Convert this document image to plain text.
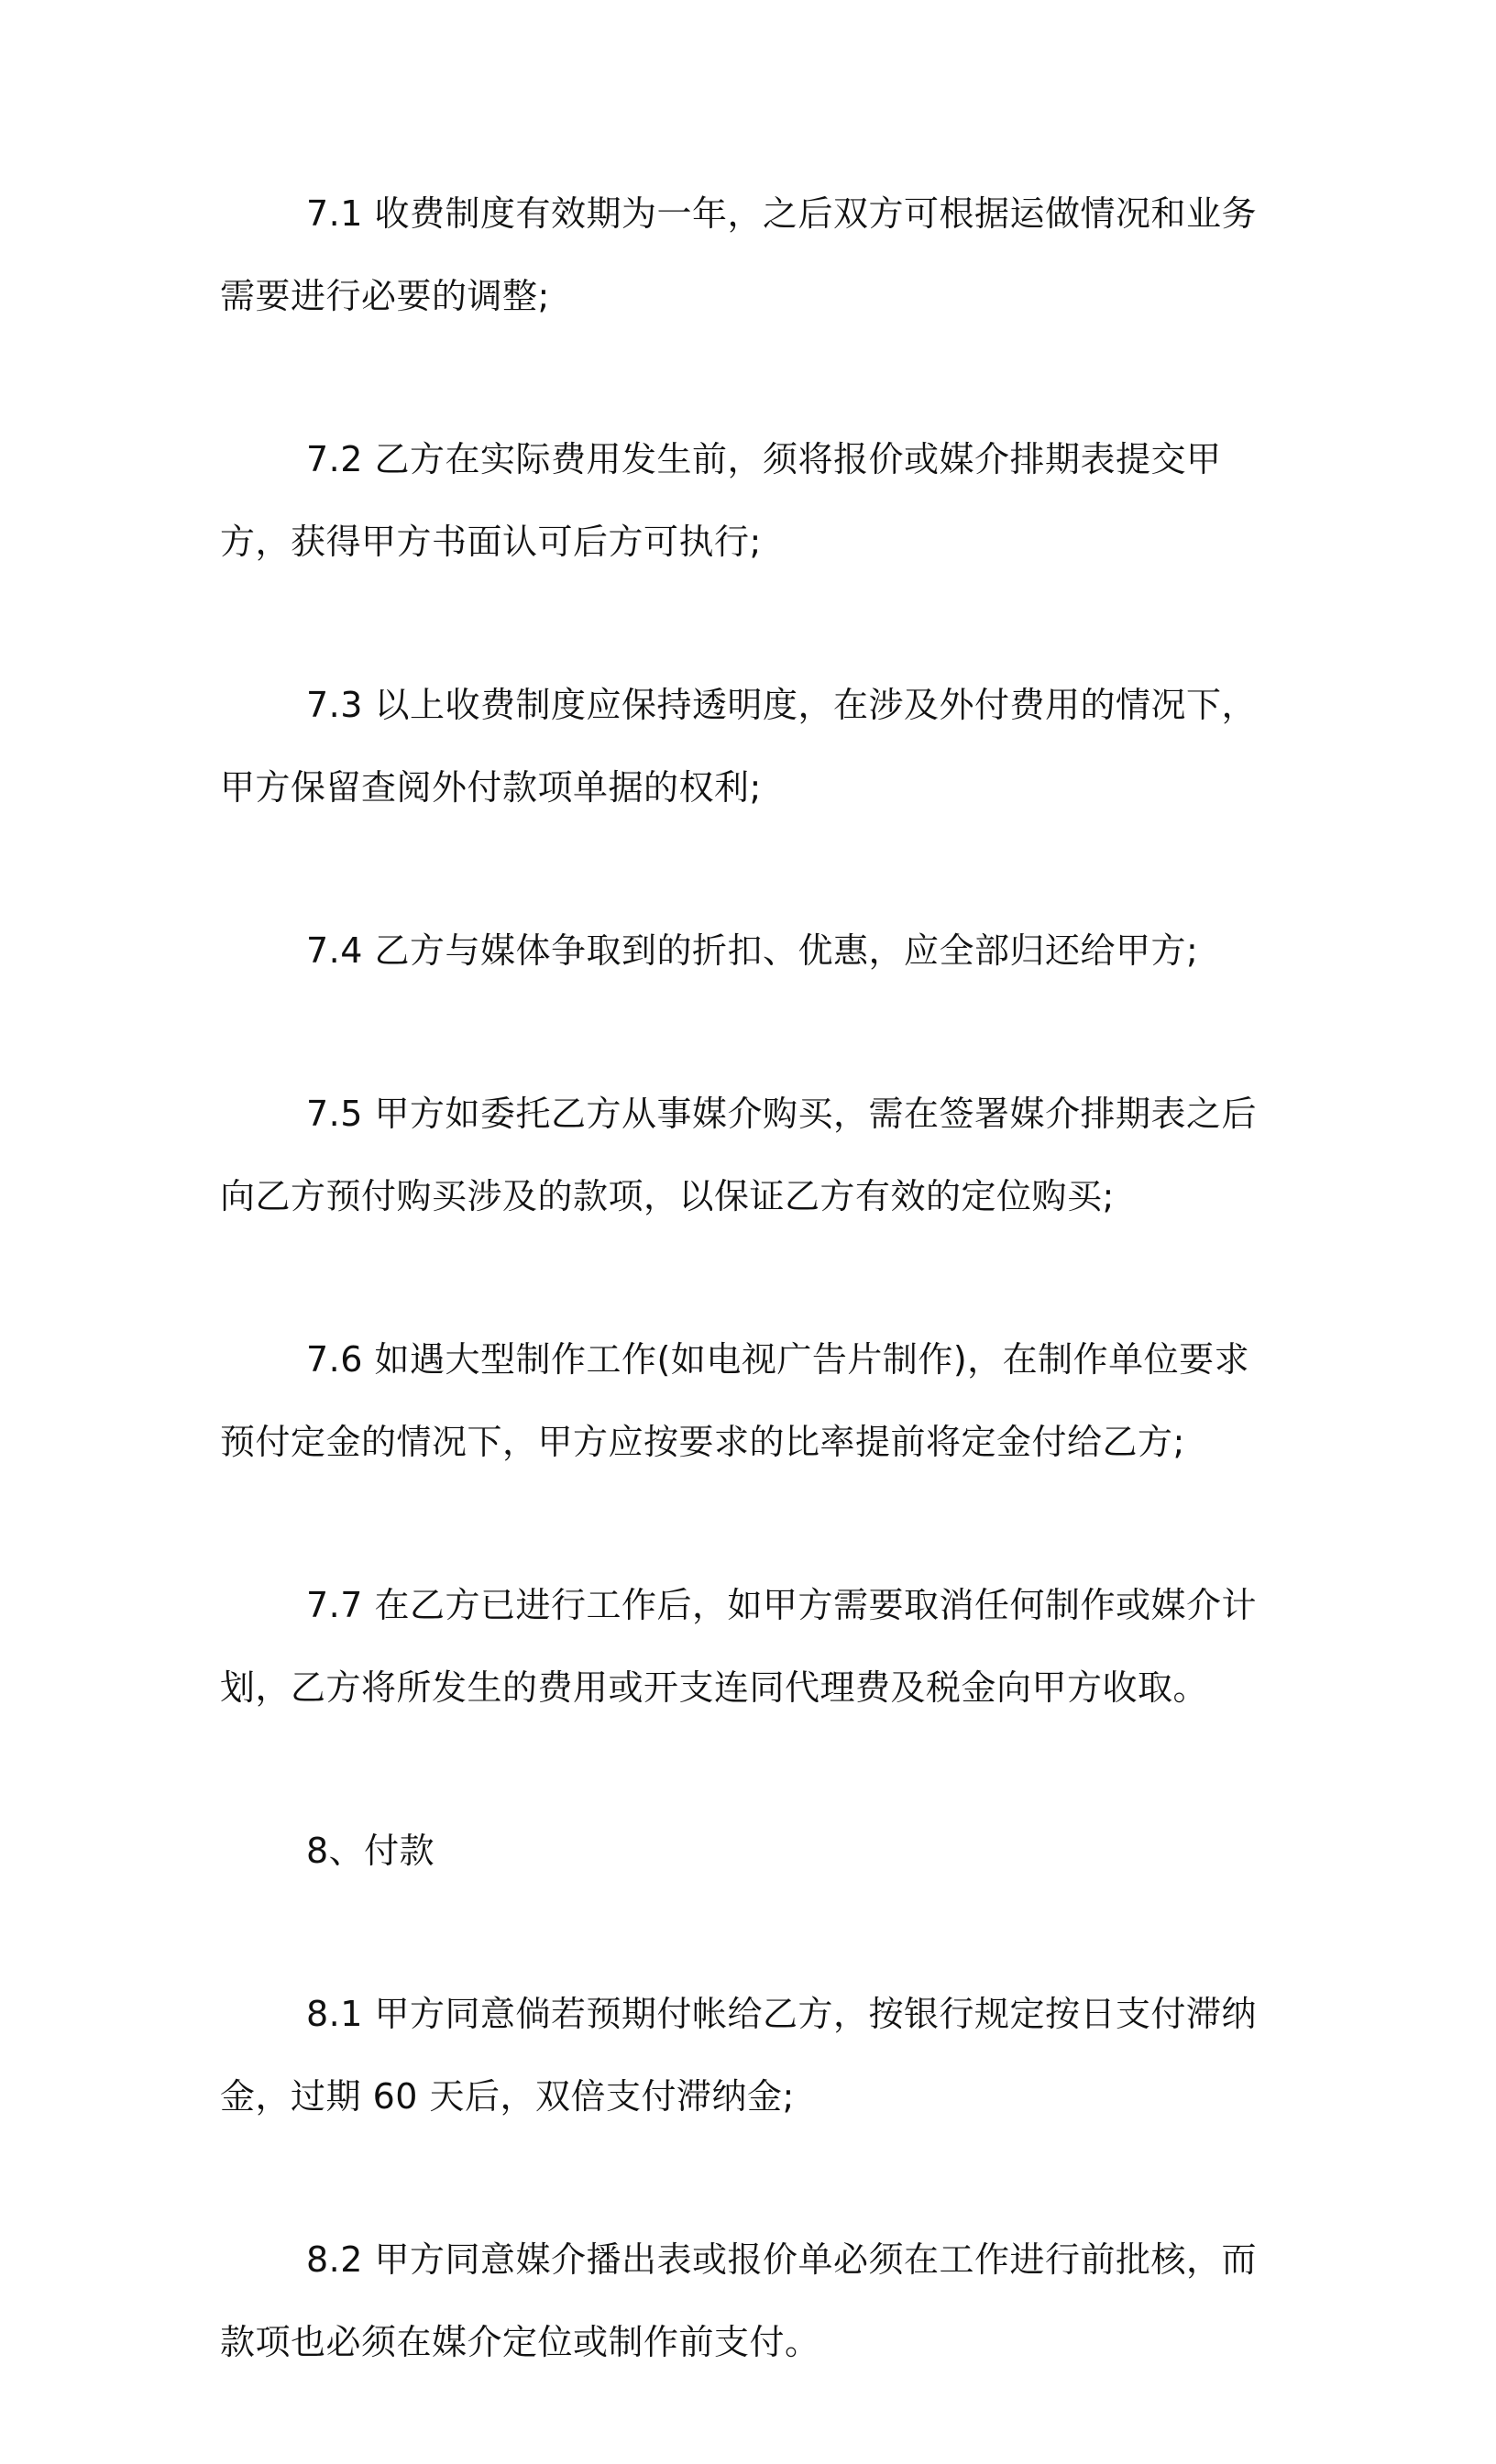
7.1 收费制度有效期为一年，之后双方可根据运做情况和业务需要进行必要的调整;

7.2 乙方在实际费用发生前，须将报价或媒介排期表提交甲方，获得甲方书面认可后方可执行;

7.3 以上收费制度应保持透明度，在涉及外付费用的情况下，甲方保留查阅外付款项单据的权利;

7.4 乙方与媒体争取到的折扣、优惠，应全部归还给甲方;

7.5 甲方如委托乙方从事媒介购买，需在签署媒介排期表之后向乙方预付购买涉及的款项，以保证乙方有效的定位购买;

7.6 如遇大型制作工作(如电视广告片制作)，在制作单位要求预付定金的情况下，甲方应按要求的比率提前将定金付给乙方;

7.7 在乙方已进行工作后，如甲方需要取消任何制作或媒介计划，乙方将所发生的费用或开支连同代理费及税金向甲方收取。

8、付款

8.1 甲方同意倘若预期付帐给乙方，按银行规定按日支付滞纳金，过期 60 天后，双倍支付滞纳金;

8.2 甲方同意媒介播出表或报价单必须在工作进行前批核，而款项也必须在媒介定位或制作前支付。
